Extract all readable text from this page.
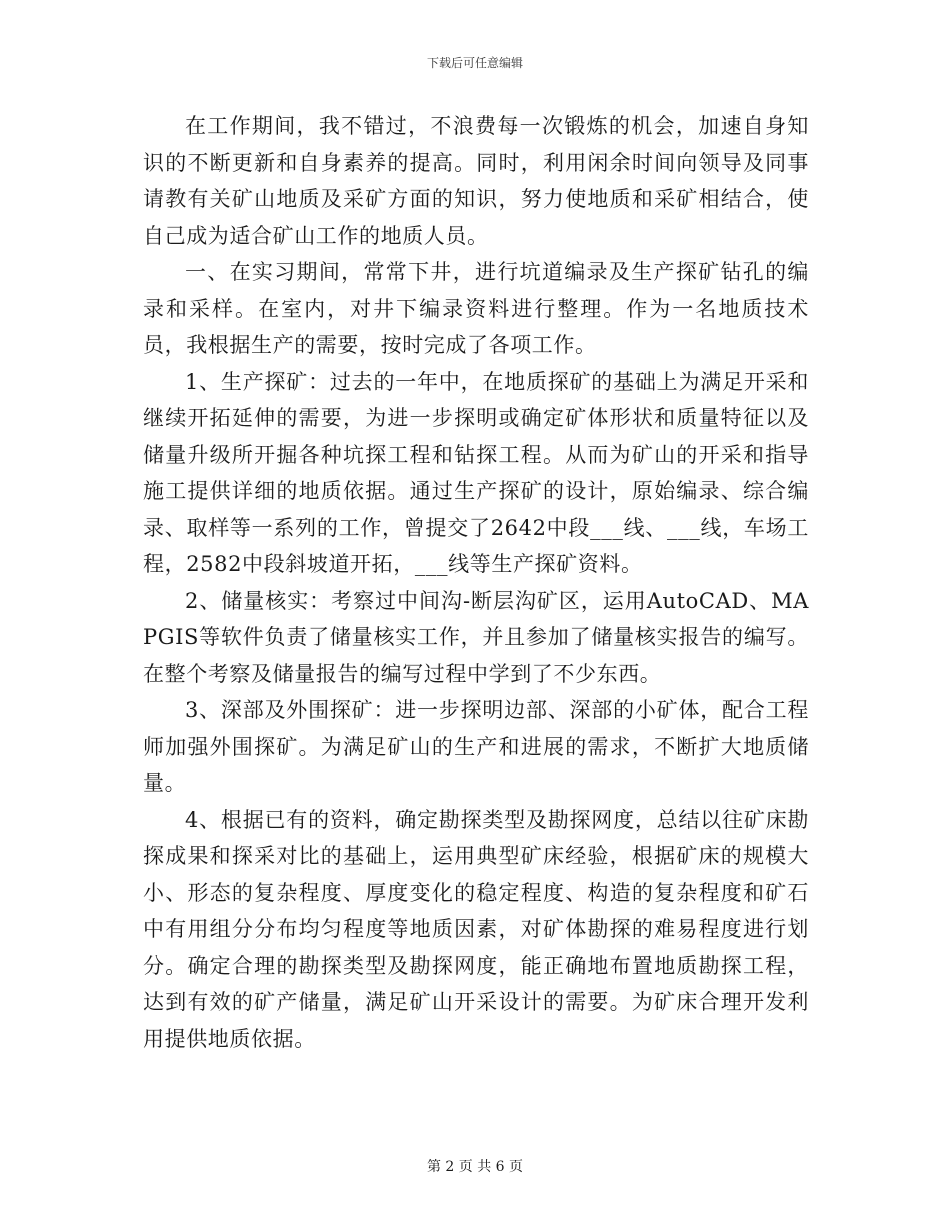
下载后可任意编辑

在工作期间，我不错过，不浪费每一次锻炼的机会，加速自身知识的不断更新和自身素养的提高。同时，利用闲余时间向领导及同事请教有关矿山地质及采矿方面的知识，努力使地质和采矿相结合，使自己成为适合矿山工作的地质人员。

一、在实习期间，常常下井，进行坑道编录及生产探矿钻孔的编录和采样。在室内，对井下编录资料进行整理。作为一名地质技术员，我根据生产的需要，按时完成了各项工作。

1、生产探矿：过去的一年中，在地质探矿的基础上为满足开采和继续开拓延伸的需要，为进一步探明或确定矿体形状和质量特征以及储量升级所开掘各种坑探工程和钻探工程。从而为矿山的开采和指导施工提供详细的地质依据。通过生产探矿的设计，原始编录、综合编录、取样等一系列的工作，曾提交了2642中段___线、___线，车场工程，2582中段斜坡道开拓，___线等生产探矿资料。

2、储量核实：考察过中间沟-断层沟矿区，运用AutoCAD、MAPGIS等软件负责了储量核实工作，并且参加了储量核实报告的编写。在整个考察及储量报告的编写过程中学到了不少东西。

3、深部及外围探矿：进一步探明边部、深部的小矿体，配合工程师加强外围探矿。为满足矿山的生产和进展的需求，不断扩大地质储量。

4、根据已有的资料，确定勘探类型及勘探网度，总结以往矿床勘探成果和探采对比的基础上，运用典型矿床经验，根据矿床的规模大小、形态的复杂程度、厚度变化的稳定程度、构造的复杂程度和矿石中有用组分分布均匀程度等地质因素，对矿体勘探的难易程度进行划分。确定合理的勘探类型及勘探网度，能正确地布置地质勘探工程，达到有效的矿产储量，满足矿山开采设计的需要。为矿床合理开发利用提供地质依据。

第 2 页 共 6 页
